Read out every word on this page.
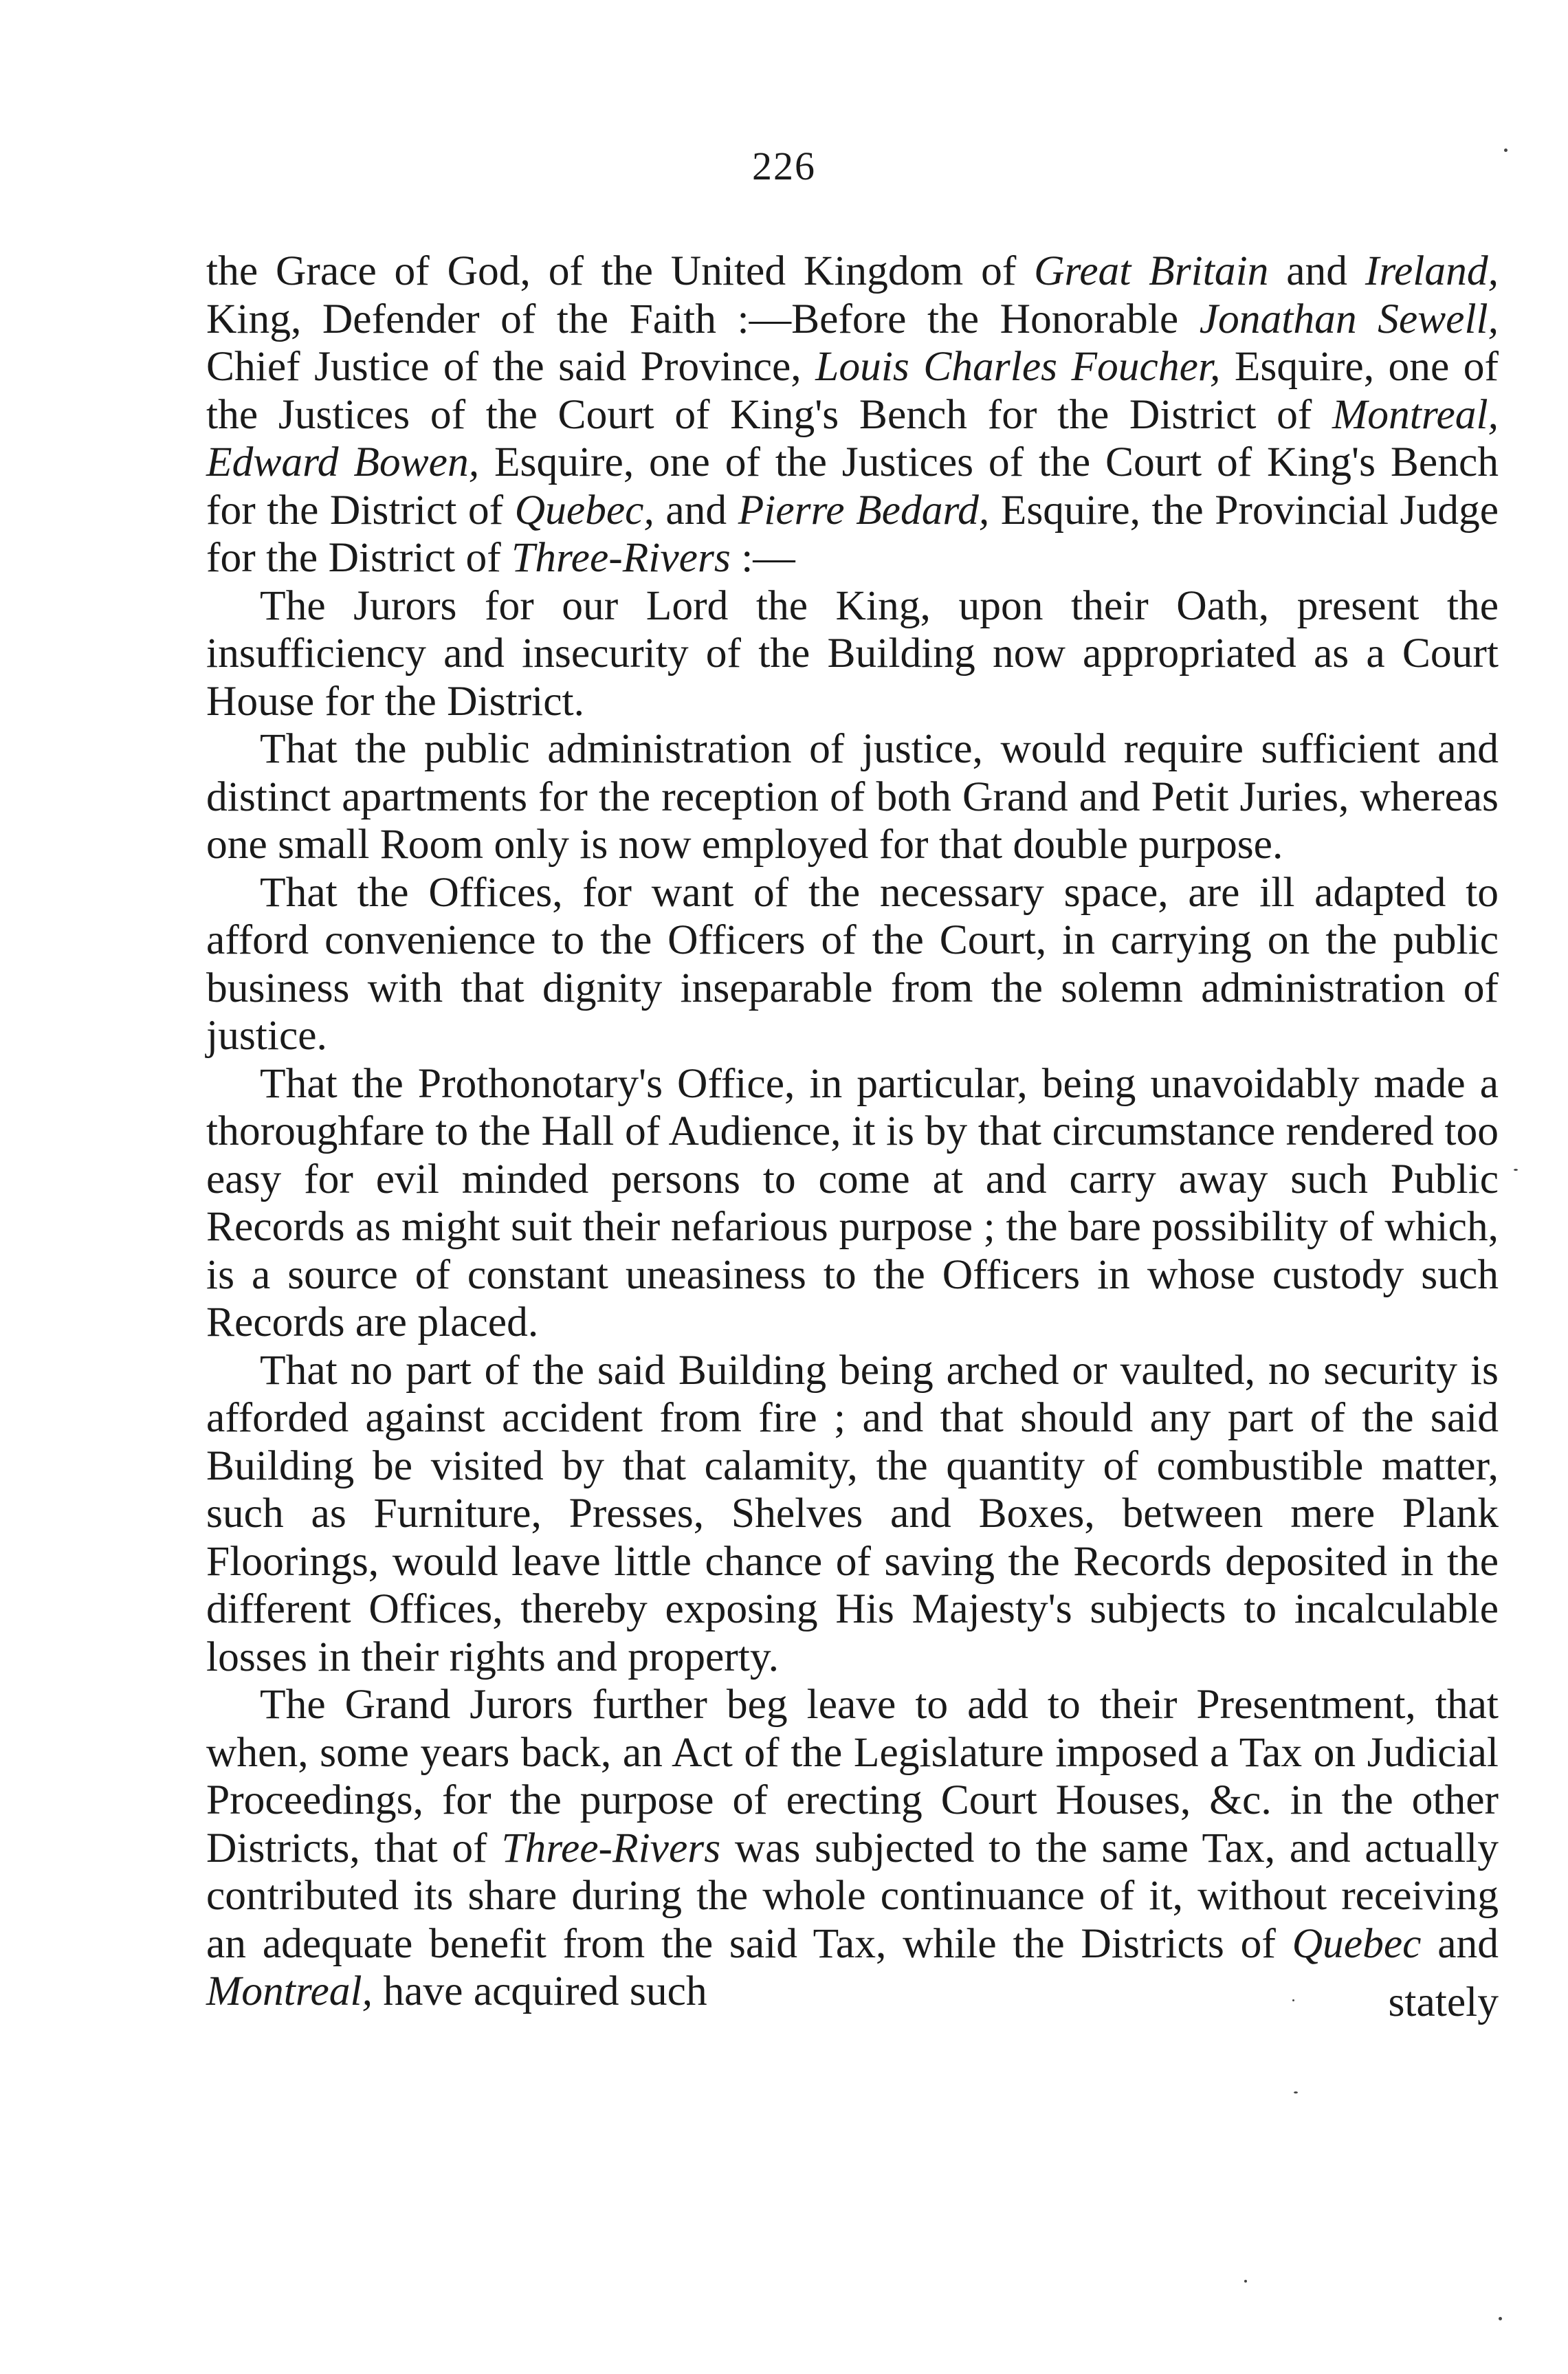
226

the Grace of God, of the United Kingdom of Great Britain and Ireland, King, Defender of the Faith :—Before the Honorable Jonathan Sewell, Chief Justice of the said Province, Louis Charles Foucher, Esquire, one of the Justices of the Court of King's Bench for the District of Montreal, Edward Bowen, Esquire, one of the Justices of the Court of King's Bench for the District of Quebec, and Pierre Bedard, Esquire, the Provincial Judge for the District of Three-Rivers :—

The Jurors for our Lord the King, upon their Oath, present the insufficiency and insecurity of the Building now appropriated as a Court House for the District.

That the public administration of justice, would require sufficient and distinct apartments for the reception of both Grand and Petit Juries, whereas one small Room only is now employed for that double purpose.

That the Offices, for want of the necessary space, are ill adapted to afford convenience to the Officers of the Court, in carrying on the public business with that dignity inseparable from the solemn administration of justice.

That the Prothonotary's Office, in particular, being unavoidably made a thoroughfare to the Hall of Audience, it is by that circumstance rendered too easy for evil minded persons to come at and carry away such Public Records as might suit their nefarious purpose ; the bare possibility of which, is a source of constant uneasiness to the Officers in whose custody such Records are placed.

That no part of the said Building being arched or vaulted, no security is afforded against accident from fire ; and that should any part of the said Building be visited by that calamity, the quantity of combustible matter, such as Furniture, Presses, Shelves and Boxes, between mere Plank Floorings, would leave little chance of saving the Records deposited in the different Offices, thereby exposing His Majesty's subjects to incalculable losses in their rights and property.

The Grand Jurors further beg leave to add to their Presentment, that when, some years back, an Act of the Legislature imposed a Tax on Judicial Proceedings, for the purpose of erecting Court Houses, &c. in the other Districts, that of Three-Rivers was subjected to the same Tax, and actually contributed its share during the whole continuance of it, without receiving an adequate benefit from the said Tax, while the Districts of Quebec and Montreal, have acquired such	stately
